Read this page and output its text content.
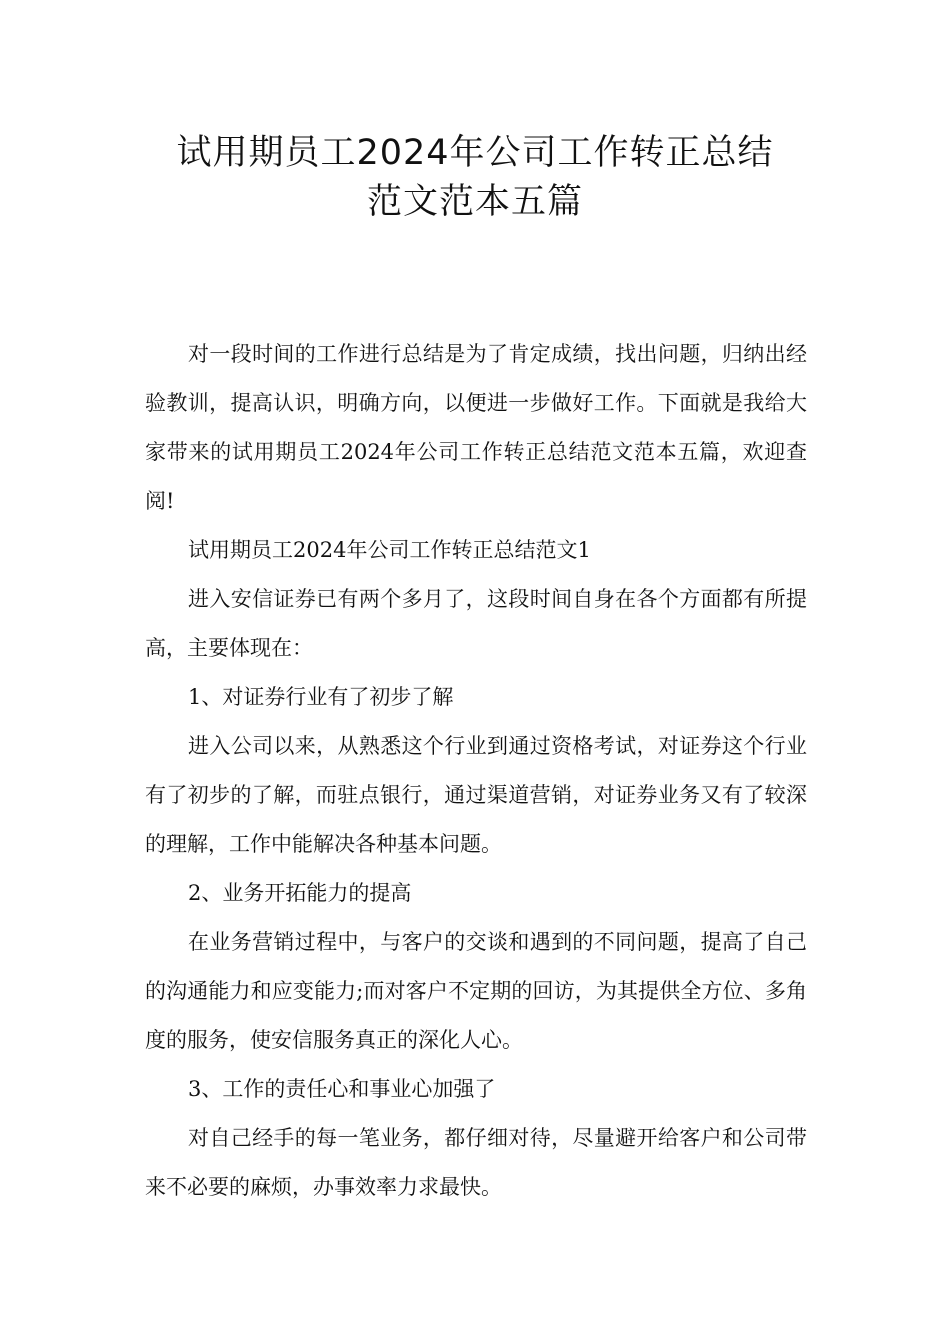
试用期员工2024年公司工作转正总结
范文范本五篇

对一段时间的工作进行总结是为了肯定成绩，找出问题，归纳出经验教训，提高认识，明确方向，以便进一步做好工作。下面就是我给大家带来的试用期员工2024年公司工作转正总结范文范本五篇，欢迎查阅!

试用期员工2024年公司工作转正总结范文1

进入安信证券已有两个多月了，这段时间自身在各个方面都有所提高，主要体现在：

1、对证券行业有了初步了解

进入公司以来，从熟悉这个行业到通过资格考试，对证券这个行业有了初步的了解，而驻点银行，通过渠道营销，对证券业务又有了较深的理解，工作中能解决各种基本问题。

2、业务开拓能力的提高

在业务营销过程中，与客户的交谈和遇到的不同问题，提高了自己的沟通能力和应变能力;而对客户不定期的回访，为其提供全方位、多角度的服务，使安信服务真正的深化人心。

3、工作的责任心和事业心加强了

对自己经手的每一笔业务，都仔细对待，尽量避开给客户和公司带来不必要的麻烦，办事效率力求最快。
